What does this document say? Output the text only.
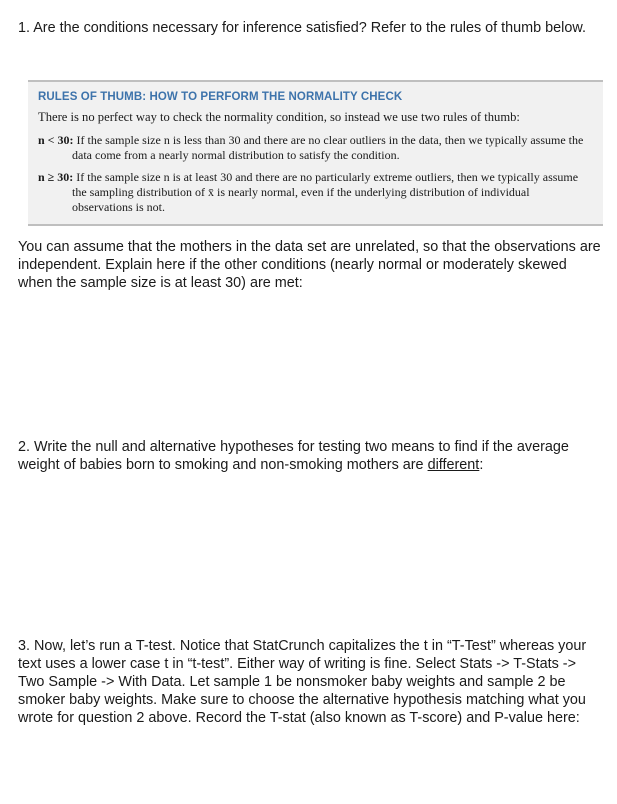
1. Are the conditions necessary for inference satisfied? Refer to the rules of thumb below.

RULES OF THUMB: HOW TO PERFORM THE NORMALITY CHECK
There is no perfect way to check the normality condition, so instead we use two rules of thumb:
n < 30: If the sample size n is less than 30 and there are no clear outliers in the data, then we typically assume the data come from a nearly normal distribution to satisfy the condition.
n ≥ 30: If the sample size n is at least 30 and there are no particularly extreme outliers, then we typically assume the sampling distribution of x̄ is nearly normal, even if the underlying distribution of individual observations is not.

You can assume that the mothers in the data set are unrelated, so that the observations are independent. Explain here if the other conditions (nearly normal or moderately skewed when the sample size is at least 30) are met:

2. Write the null and alternative hypotheses for testing two means to find if the average weight of babies born to smoking and non-smoking mothers are different:

3. Now, let’s run a T-test. Notice that StatCrunch capitalizes the t in “T-Test” whereas your text uses a lower case t in “t-test”. Either way of writing is fine. Select Stats -> T-Stats -> Two Sample -> With Data. Let sample 1 be nonsmoker baby weights and sample 2 be smoker baby weights. Make sure to choose the alternative hypothesis matching what you wrote for question 2 above. Record the T-stat (also known as T-score) and P-value here:
